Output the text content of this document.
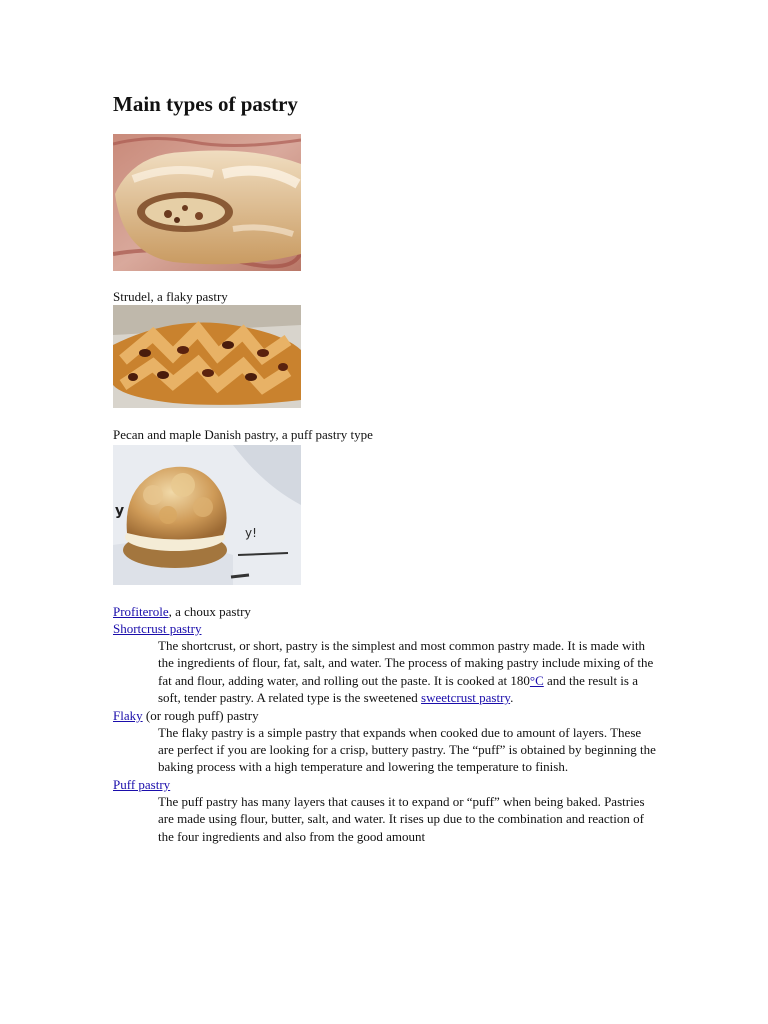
Main types of pastry
Strudel, a flaky pastry
Pecan and maple Danish pastry, a puff pastry type
y
y!
Profiterole, a choux pastry
Shortcrust pastry
The shortcrust, or short, pastry is the simplest and most common pastry made. It is made with the ingredients of flour, fat, salt, and water. The process of making pastry include mixing of the fat and flour, adding water, and rolling out the paste. It is cooked at 180°C and the result is a soft, tender pastry. A related type is the sweetened sweetcrust pastry.
Flaky (or rough puff) pastry
The flaky pastry is a simple pastry that expands when cooked due to amount of layers. These are perfect if you are looking for a crisp, buttery pastry. The “puff” is obtained by beginning the baking process with a high temperature and lowering the temperature to finish.
Puff pastry
The puff pastry has many layers that causes it to expand or “puff” when being baked. Pastries are made using flour, butter, salt, and water. It rises up due to the combination and reaction of the four ingredients and also from the good amount
